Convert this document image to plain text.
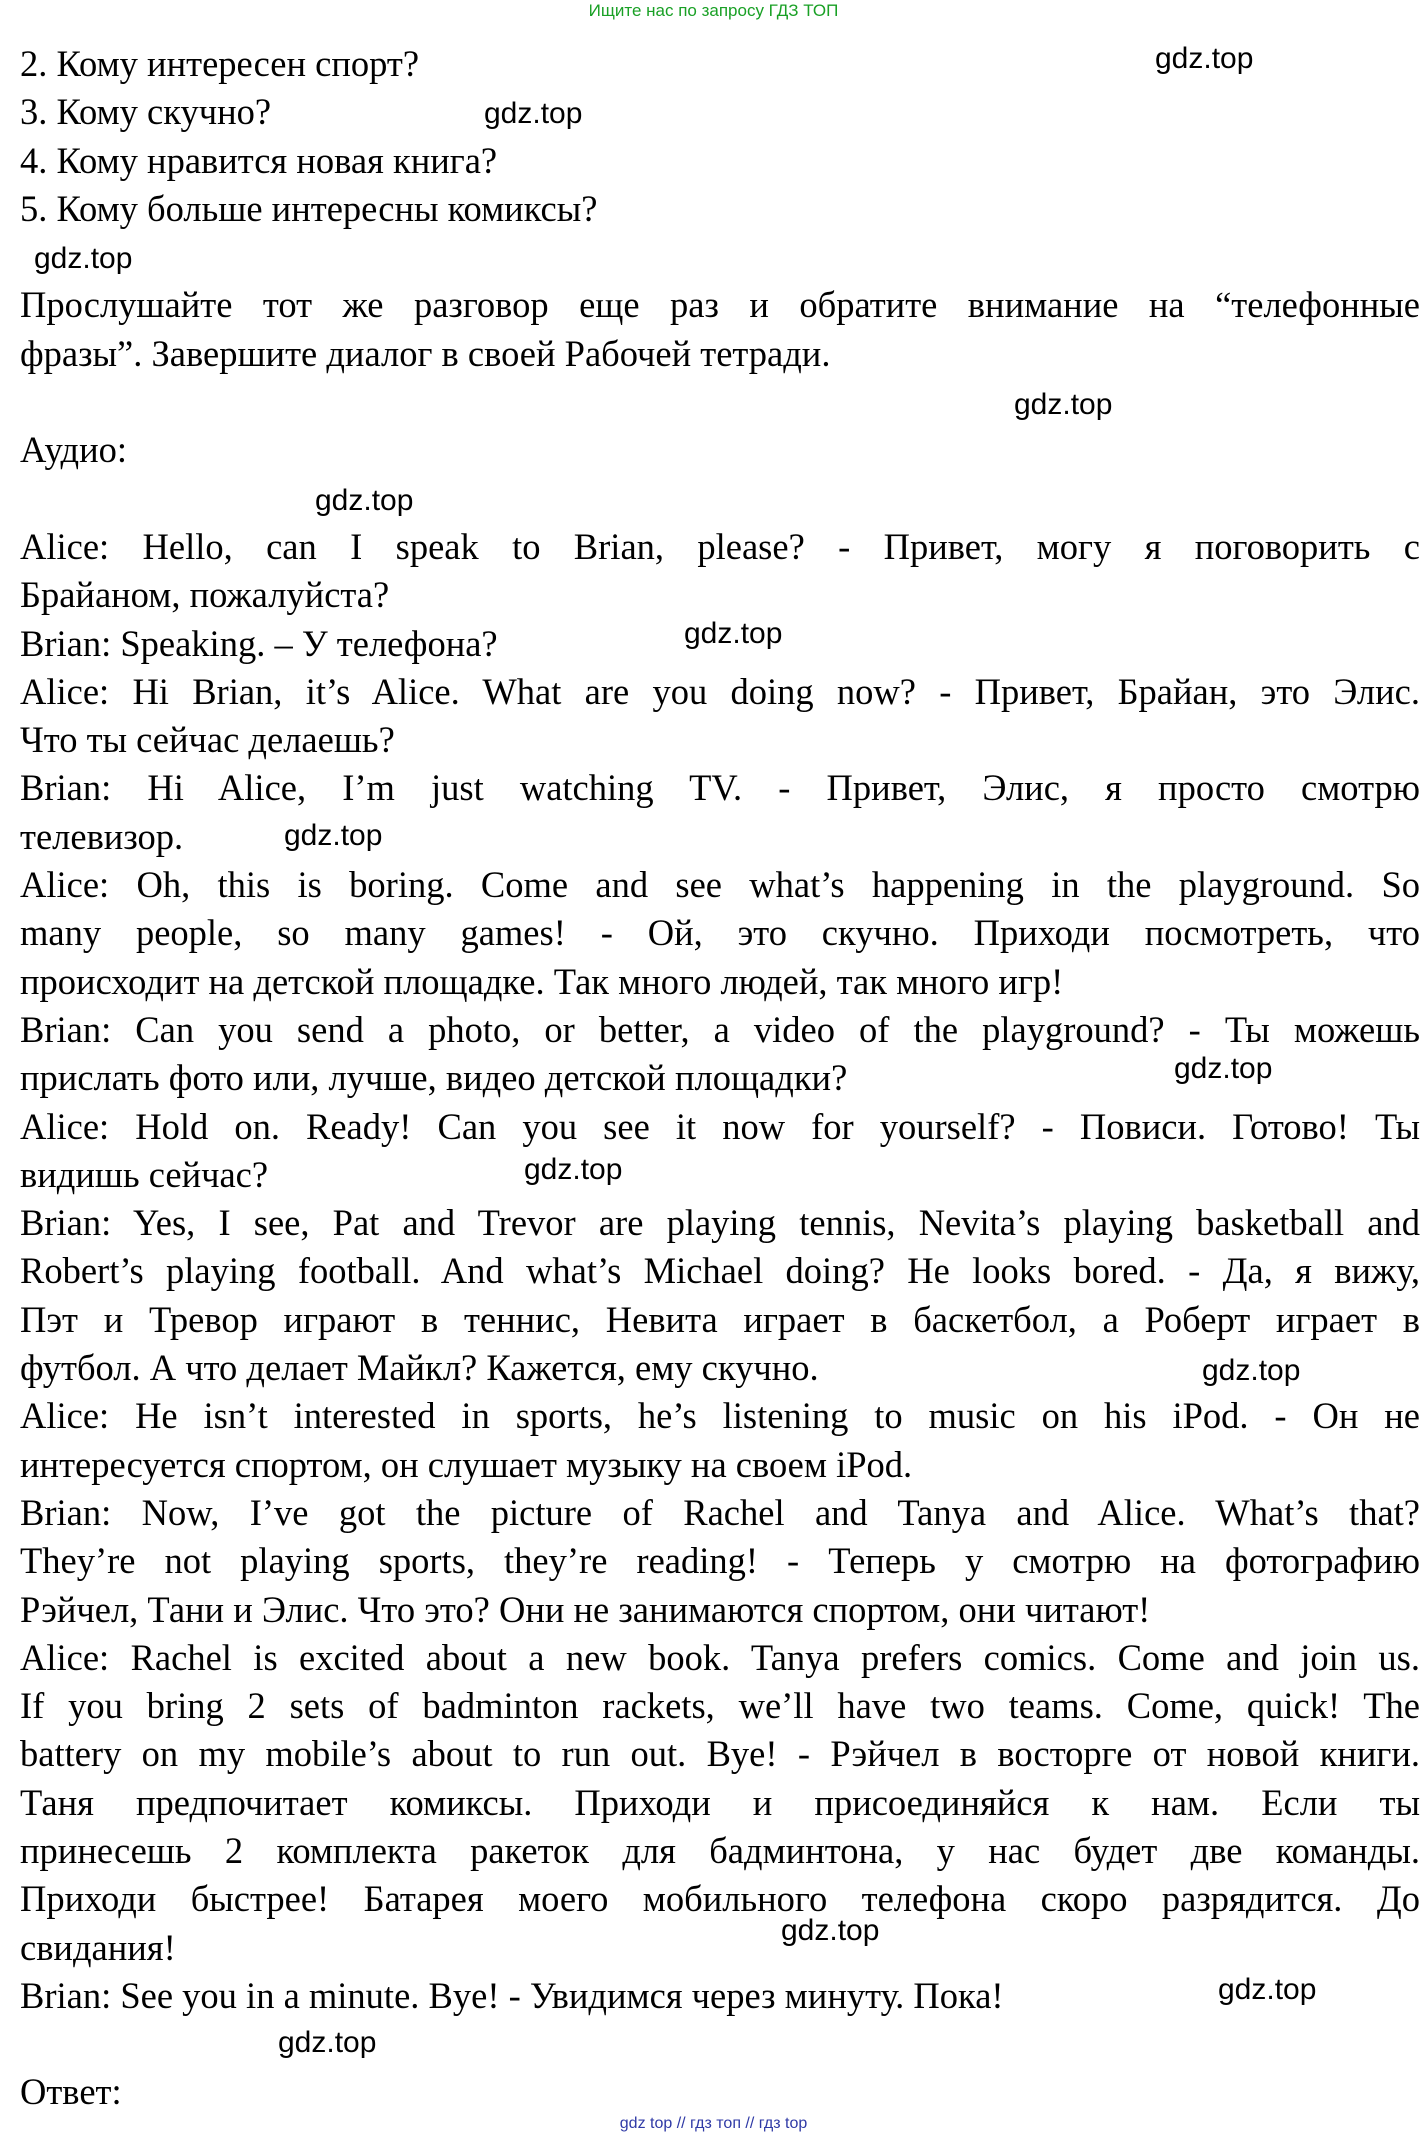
Ищите нас по запросу ГДЗ ТОП
2. Кому интересен спорт?
3. Кому скучно?
4. Кому нравится новая книга?
5. Кому больше интересны комиксы?
Прослушайте тот же разговор еще раз и обратите внимание на “телефонные
фразы”. Завершите диалог в своей Рабочей тетради.
Аудио:
Alice: Hello, can I speak to Brian, please? - Привет, могу я поговорить с
Брайаном, пожалуйста?
Brian: Speaking. – У телефона?
Alice: Hi Brian, it’s Alice. What are you doing now? - Привет, Брайан, это Элис.
Что ты сейчас делаешь?
Brian: Hi Alice, I’m just watching TV. - Привет, Элис, я просто смотрю
телевизор.
Alice: Oh, this is boring. Come and see what’s happening in the playground. So
many people, so many games! - Ой, это скучно. Приходи посмотреть, что
происходит на детской площадке. Так много людей, так много игр!
Brian: Can you send a photo, or better, a video of the playground? - Ты можешь
прислать фото или, лучше, видео детской площадки?
Alice: Hold on. Ready! Can you see it now for yourself? - Повиси. Готово! Ты
видишь сейчас?
Brian: Yes, I see, Pat and Trevor are playing tennis, Nevita’s playing basketball and
Robert’s playing football. And what’s Michael doing? He looks bored. - Да, я вижу,
Пэт и Тревор играют в теннис, Невита играет в баскетбол, а Роберт играет в
футбол. А что делает Майкл? Кажется, ему скучно.
Alice: He isn’t interested in sports, he’s listening to music on his iPod. - Он не
интересуется спортом, он слушает музыку на своем iPod.
Brian: Now, I’ve got the picture of Rachel and Tanya and Alice. What’s that?
They’re not playing sports, they’re reading! - Теперь у смотрю на фотографию
Рэйчел, Тани и Элис. Что это? Они не занимаются спортом, они читают!
Alice: Rachel is excited about a new book. Tanya prefers comics. Come and join us.
If you bring 2 sets of badminton rackets, we’ll have two teams. Come, quick! The
battery on my mobile’s about to run out. Bye! - Рэйчел в восторге от новой книги.
Таня предпочитает комиксы. Приходи и присоединяйся к нам. Если ты
принесешь 2 комплекта ракеток для бадминтона, у нас будет две команды.
Приходи быстрее! Батарея моего мобильного телефона скоро разрядится. До
свидания!
Brian: See you in a minute. Bye! - Увидимся через минуту. Пока!
Ответ:
gdz.top
gdz.top
gdz.top
gdz.top
gdz.top
gdz.top
gdz.top
gdz.top
gdz.top
gdz.top
gdz.top
gdz.top
gdz.top
gdz top // гдз топ // гдз top
